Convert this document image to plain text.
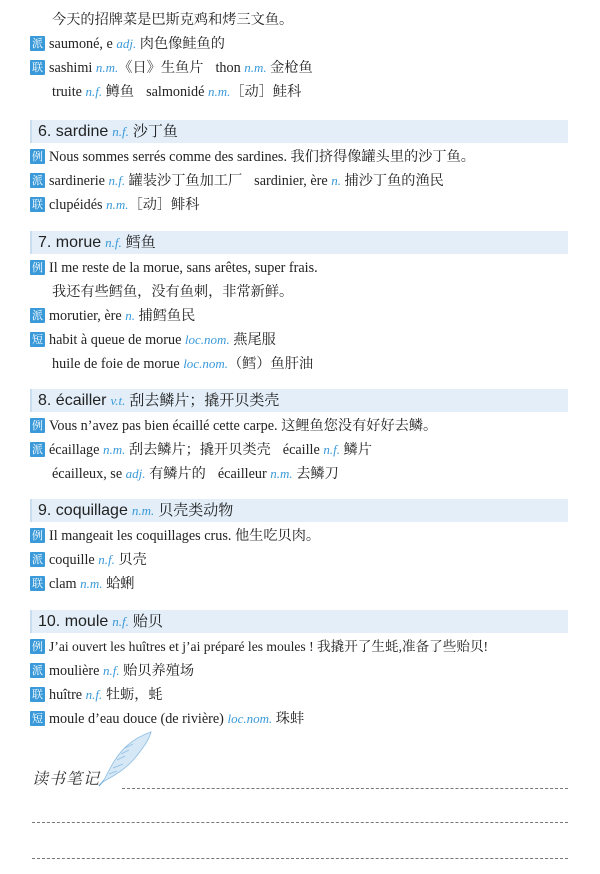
今天的招牌菜是巴斯克鸡和烤三文鱼。
派 saumoné, e adj. 肉色像鲑鱼的
联 sashimi n.m.《日》生鱼片 thon n.m. 金枪鱼
truite n.f. 鳟鱼 salmonidé n.m.［动］鲑科
6. sardine n.f. 沙丁鱼
例 Nous sommes serrés comme des sardines. 我们挤得像罐头里的沙丁鱼。
派 sardinerie n.f. 罐装沙丁鱼加工厂 sardinier, ère n. 捕沙丁鱼的渔民
联 clupéidés n.m.［动］鲱科
7. morue n.f. 鳕鱼
例 Il me reste de la morue, sans arêtes, super frais.
我还有些鳕鱼，没有鱼刺，非常新鲜。
派 morutier, ère n. 捕鳕鱼民
短 habit à queue de morue loc.nom. 燕尾服
huile de foie de morue loc.nom.（鳕）鱼肝油
8. écailler v.t. 刮去鳞片；撬开贝类壳
例 Vous n’avez pas bien écaillé cette carpe. 这鲤鱼您没有好好去鳞。
派 écaillage n.m. 刮去鳞片；撬开贝类壳 écaille n.f. 鳞片
écailleux, se adj. 有鳞片的 écailleur n.m. 去鳞刀
9. coquillage n.m. 贝壳类动物
例 Il mangeait les coquillages crus. 他生吃贝肉。
派 coquille n.f. 贝壳
联 clam n.m. 蛤蜊
10. moule n.f. 贻贝
例 J’ai ouvert les huîtres et j’ai préparé les moules ! 我撬开了生蚝,准备了些贻贝!
派 moulière n.f. 贻贝养殖场
联 huître n.f. 牡蛎，蚝
短 moule d’eau douce (de rivière) loc.nom. 珠蚌
读书笔记
